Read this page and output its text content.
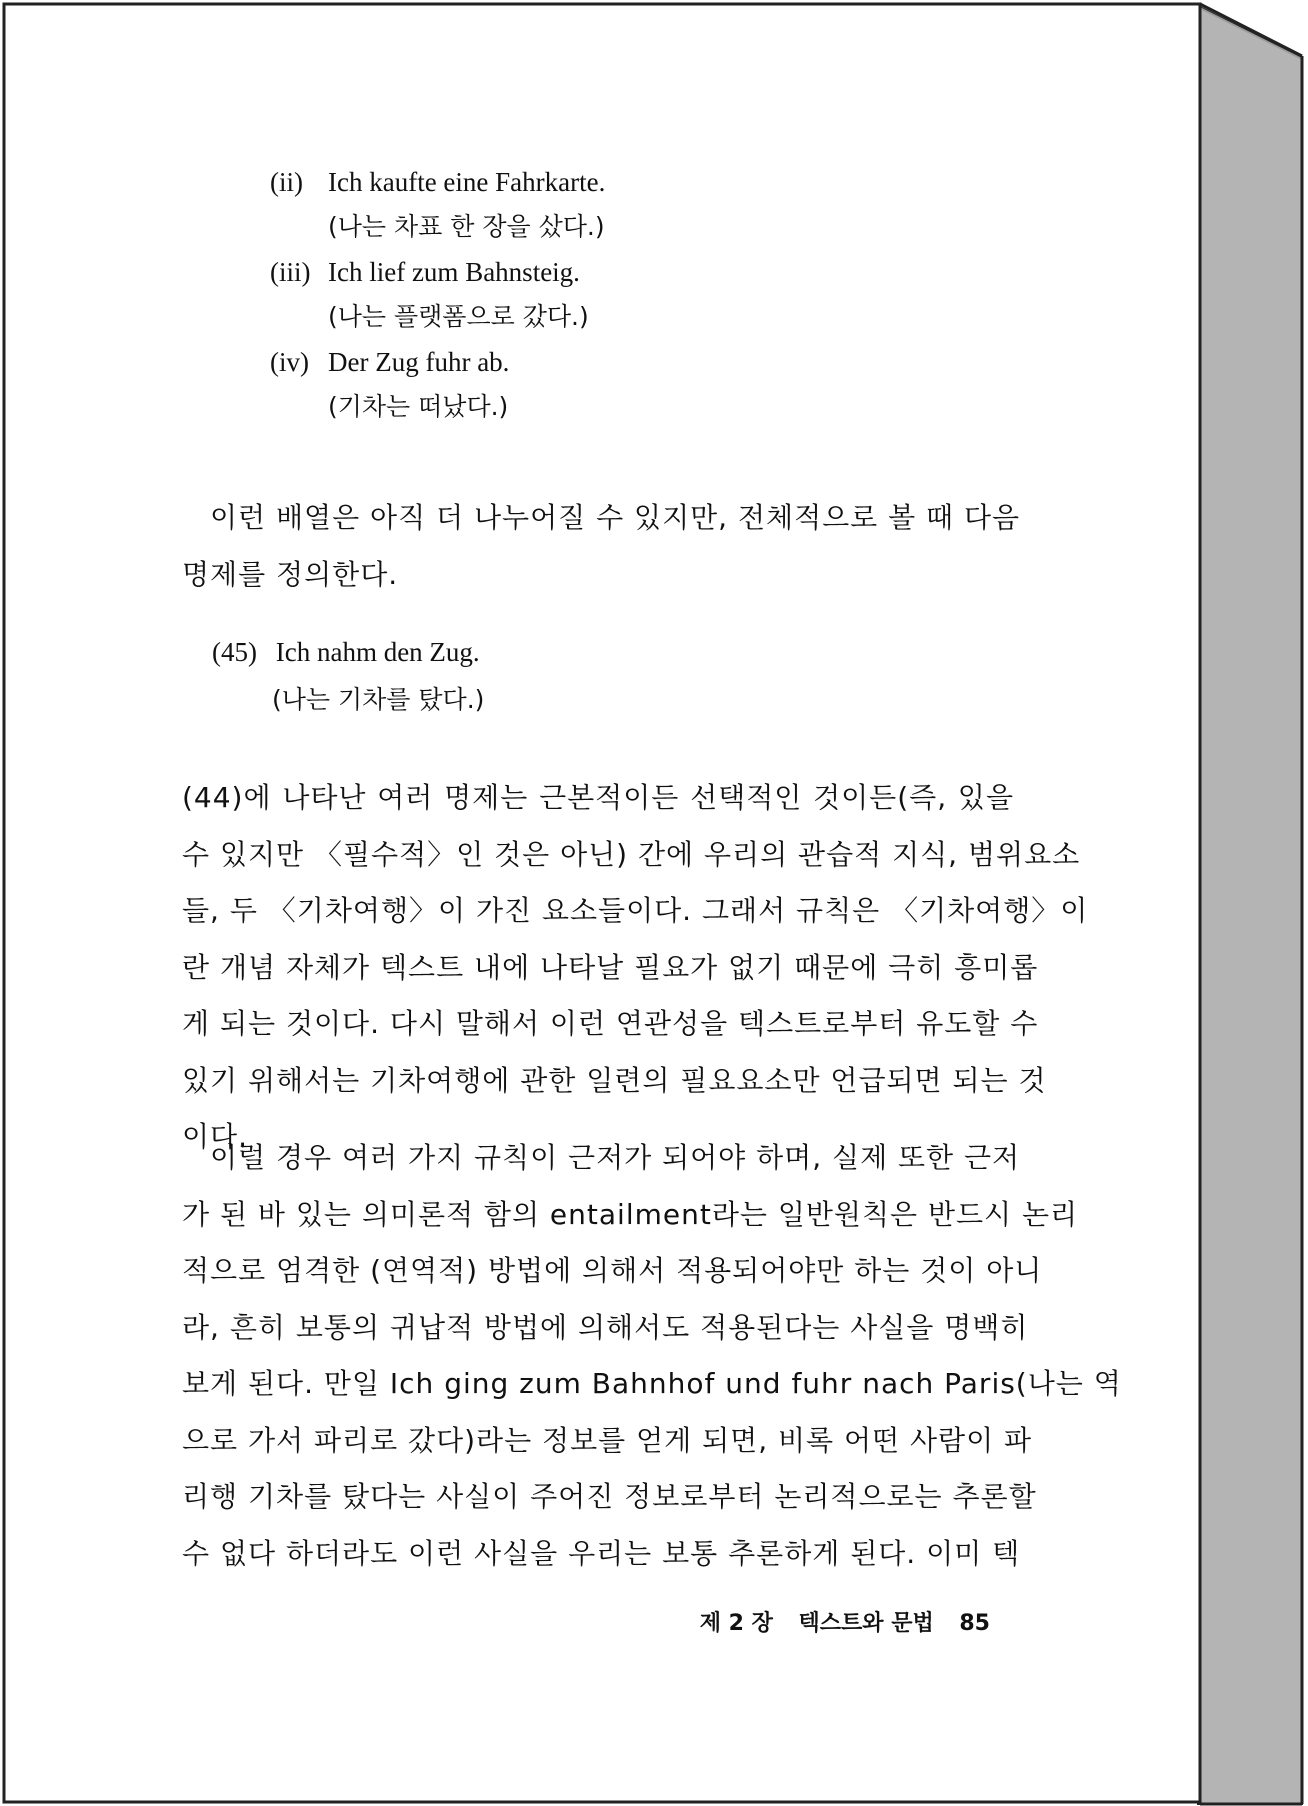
(ii) Ich kaufte eine Fahrkarte.
(나는 차표 한 장을 샀다.)
(iii) Ich lief zum Bahnsteig.
(나는 플랫폼으로 갔다.)
(iv) Der Zug fuhr ab.
(기차는 떠났다.)
이런 배열은 아직 더 나누어질 수 있지만, 전체적으로 볼 때 다음
명제를 정의한다.
(45) Ich nahm den Zug.
(나는 기차를 탔다.)
(44)에 나타난 여러 명제는 근본적이든 선택적인 것이든(즉, 있을
수 있지만 〈필수적〉인 것은 아닌) 간에 우리의 관습적 지식, 범위요소
들, 두 〈기차여행〉이 가진 요소들이다. 그래서 규칙은 〈기차여행〉이
란 개념 자체가 텍스트 내에 나타날 필요가 없기 때문에 극히 흥미롭
게 되는 것이다. 다시 말해서 이런 연관성을 텍스트로부터 유도할 수
있기 위해서는 기차여행에 관한 일련의 필요요소만 언급되면 되는 것
이다.
이럴 경우 여러 가지 규칙이 근저가 되어야 하며, 실제 또한 근저
가 된 바 있는 의미론적 함의 entailment라는 일반원칙은 반드시 논리
적으로 엄격한 (연역적) 방법에 의해서 적용되어야만 하는 것이 아니
라, 흔히 보통의 귀납적 방법에 의해서도 적용된다는 사실을 명백히
보게 된다. 만일 Ich ging zum Bahnhof und fuhr nach Paris(나는 역
으로 가서 파리로 갔다)라는 정보를 얻게 되면, 비록 어떤 사람이 파
리행 기차를 탔다는 사실이 주어진 정보로부터 논리적으로는 추론할
수 없다 하더라도 이런 사실을 우리는 보통 추론하게 된다. 이미 텍
제 2 장 텍스트와 문법 85
